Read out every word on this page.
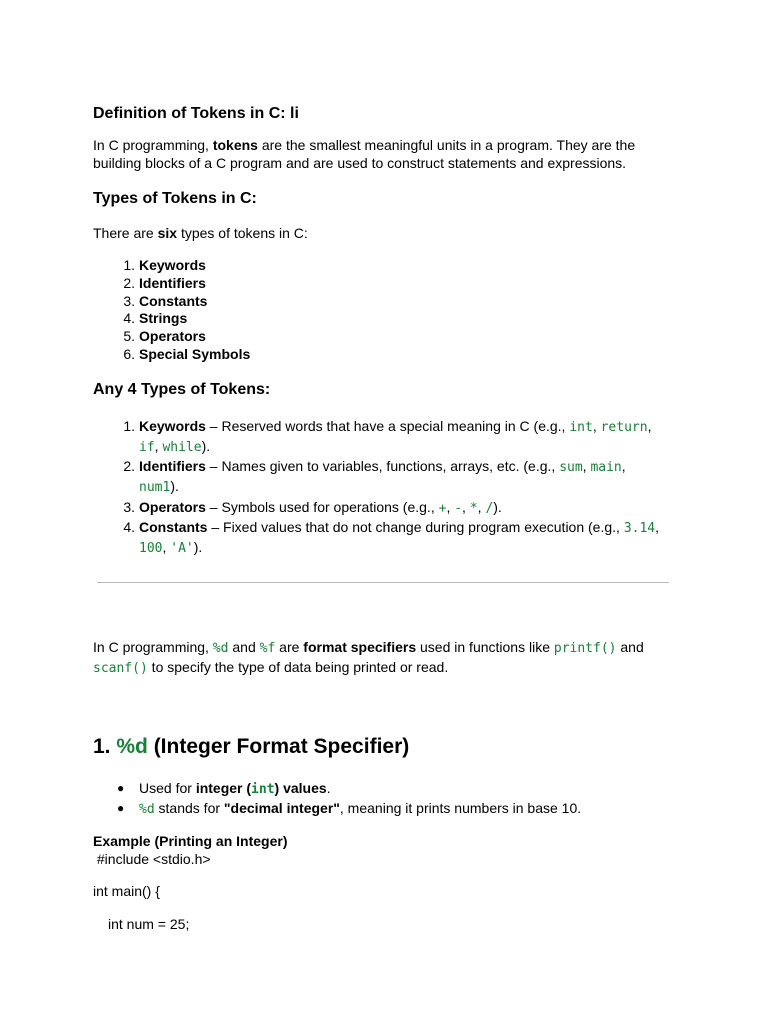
Definition of Tokens in C: li
In C programming, tokens are the smallest meaningful units in a program. They are the
building blocks of a C program and are used to construct statements and expressions.
Types of Tokens in C:
There are six types of tokens in C:
1. Keywords
2. Identifiers
3. Constants
4. Strings
5. Operators
6. Special Symbols
Any 4 Types of Tokens:
1. Keywords – Reserved words that have a special meaning in C (e.g., int, return,
if, while).
2. Identifiers – Names given to variables, functions, arrays, etc. (e.g., sum, main,
num1).
3. Operators – Symbols used for operations (e.g., +, -, *, /).
4. Constants – Fixed values that do not change during program execution (e.g., 3.14,
100, 'A').
In C programming, %d and %f are format specifiers used in functions like printf() and
scanf() to specify the type of data being printed or read.
1. %d (Integer Format Specifier)
● Used for integer (int) values.
● %d stands for "decimal integer", meaning it prints numbers in base 10.
Example (Printing an Integer)
#include <stdio.h>
int main() {
int num = 25;
